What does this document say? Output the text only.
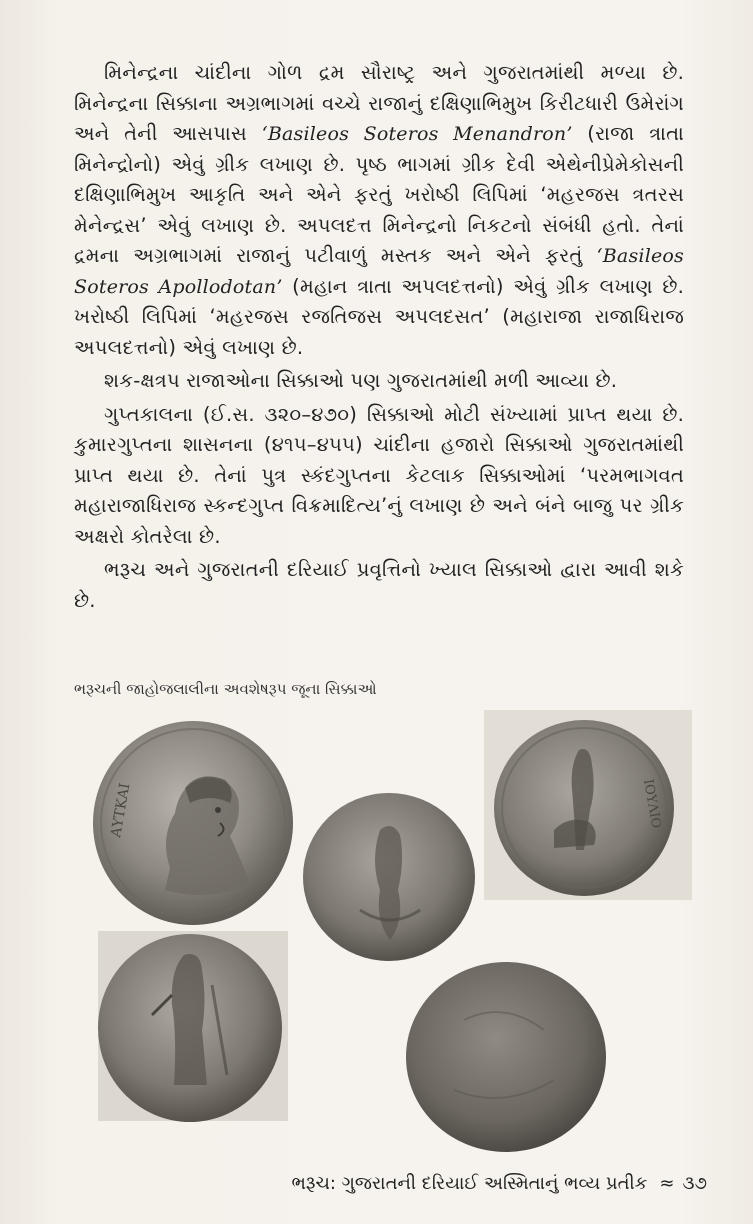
મિનેન્દ્રના ચાંદીના ગોળ દ્રમ સૌરાષ્ટ્ર અને ગુજરાતમાંથી મળ્યા છે. મિનેન્દ્રના સિક્કાના અગ્રભાગમાં વચ્ચે રાજાનું દક્ષિણાભિમુખ કિરીટધારી ઉમેરાંગ અને તેની આસપાસ ‘Basileos Soteros Menandron’ (રાજા ત્રાતા મિનેન્દ્રોનો) એવું ગ્રીક લખાણ છે. પૃષ્ઠ ભાગમાં ગ્રીક દેવી એથેનીપ્રેમેકોસની દક્ષિણાભિમુખ આકૃતિ અને એને ફરતું ખરોષ્ઠી લિપિમાં ‘મહરજસ ત્રતરસ મેનેન્દ્રસ’ એવું લખાણ છે. અપલદત્ત મિનેન્દ્રનો નિકટનો સંબંધી હતો. તેનાં દ્રમના અગ્રભાગમાં રાજાનું પટીવાળું મસ્તક અને એને ફરતું ‘Basileos Soteros Apollodotan’ (મહાન ત્રાતા અપલદત્તનો) એવું ગ્રીક લખાણ છે. ખરોષ્ઠી લિપિમાં ‘મહરજસ રજતિજસ અપલદસત’ (મહારાજા રાજાધિરાજ અપલદત્તનો) એવું લખાણ છે.

શક-ક્ષત્રપ રાજાઓના સિક્કાઓ પણ ગુજરાતમાંથી મળી આવ્યા છે.

ગુપ્તકાલના (ઈ.સ. ૩૨૦–૪૭૦) સિક્કાઓ મોટી સંખ્યામાં પ્રાપ્ત થયા છે. કુમારગુપ્તના શાસનના (૪૧૫–૪૫૫) ચાંદીના હજારો સિક્કાઓ ગુજરાતમાંથી પ્રાપ્ત થયા છે. તેનાં પુત્ર સ્કંદગુપ્તના કેટલાક સિક્કાઓમાં ‘પરમભાગવત મહારાજાધિરાજ સ્કન્દગુપ્ત વિક્રમાદિત્ય’નું લખાણ છે અને બંને બાજુ પર ગ્રીક અક્ષરો કોતરેલા છે.

ભરૂચ અને ગુજરાતની દરિયાઈ પ્રવૃત્તિનો ખ્યાલ સિક્કાઓ દ્વારા આવી શકે છે.

ભરૂચની જાહોજલાલીના અવશેષરૂપ જૂના સિક્કાઓ
ΑΥΤΚΑΙ	ΙΟΥΛΙΟ
ભરૂચ: ગુજરાતની દરિયાઈ અસ્મિતાનું ભવ્ય પ્રતીક ≈ ૩૭
